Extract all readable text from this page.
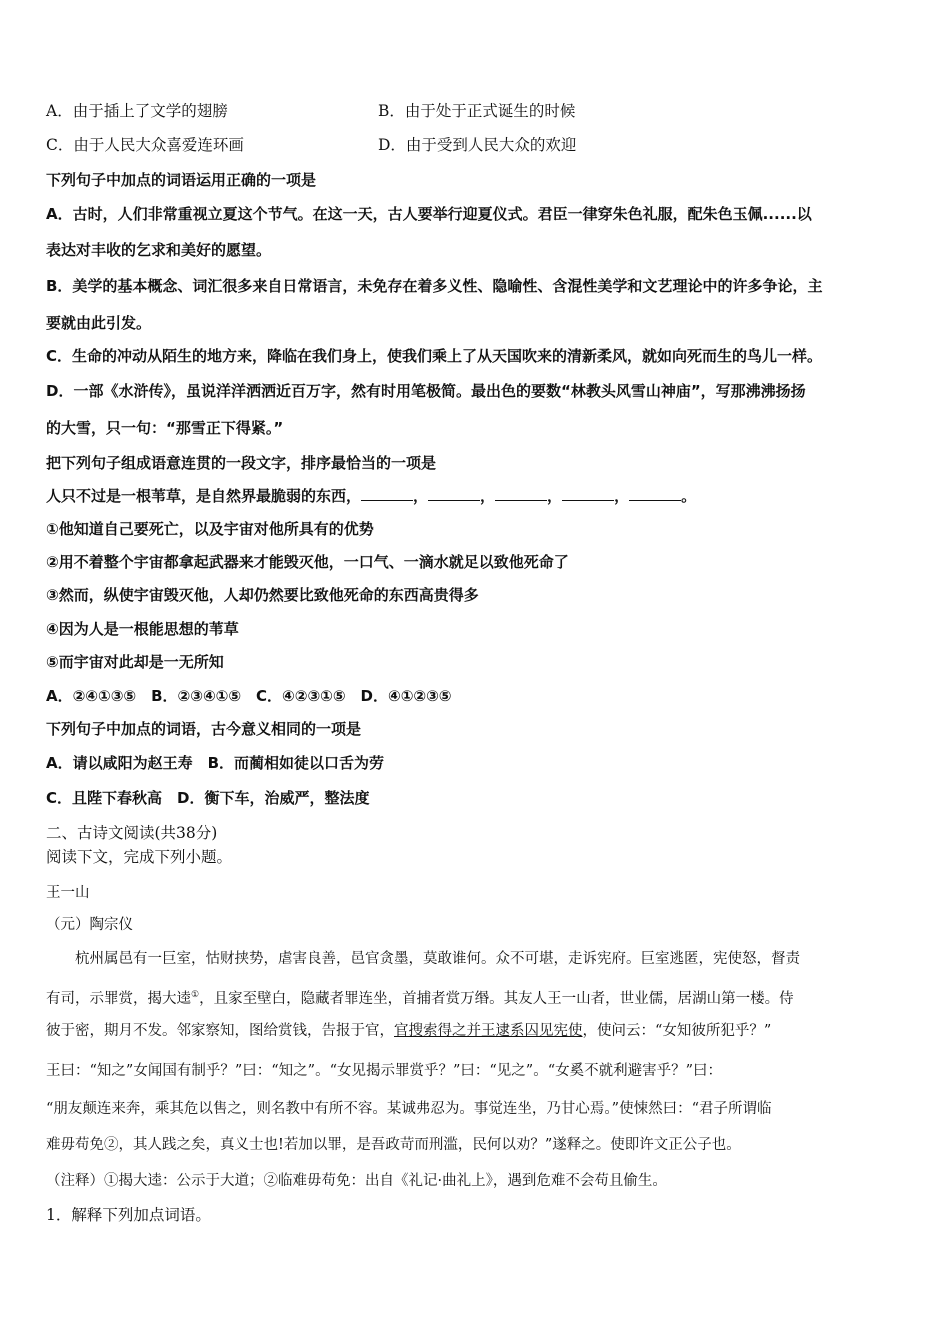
A．由于插上了文学的翅膀	B．由于处于正式诞生的时候
C．由于人民大众喜爱连环画	D．由于受到人民大众的欢迎
下列句子中加点的词语运用正确的一项是
A．古时，人们非常重视立夏这个节气。在这一天，古人要举行迎夏仪式。君臣一律穿朱色礼服，配朱色玉佩......以
表达对丰收的乞求和美好的愿望。
B．美学的基本概念、词汇很多来自日常语言，未免存在着多义性、隐喻性、含混性美学和文艺理论中的许多争论，主
要就由此引发。
C．生命的冲动从陌生的地方来，降临在我们身上，使我们乘上了从天国吹来的清新柔风，就如向死而生的鸟儿一样。
D．一部《水浒传》，虽说洋洋洒洒近百万字，然有时用笔极简。最出色的要数“林教头风雪山神庙”，写那沸沸扬扬
的大雪，只一句：“那雪正下得紧。”
把下列句子组成语意连贯的一段文字，排序最恰当的一项是
人只不过是一根苇草，是自然界最脆弱的东西，	，	，	，	，	。
①他知道自己要死亡，以及宇宙对他所具有的优势
②用不着整个宇宙都拿起武器来才能毁灭他，一口气、一滴水就足以致他死命了
③然而，纵使宇宙毁灭他，人却仍然要比致他死命的东西高贵得多
④因为人是一根能思想的苇草
⑤而宇宙对此却是一无所知
A．②④①③⑤　B．②③④①⑤　C．④②③①⑤　D．④①②③⑤
下列句子中加点的词语，古今意义相同的一项是
A．请以咸阳为赵王寿　B．而蔺相如徒以口舌为劳
C．且陛下春秋高　D．衡下车，治威严，整法度
二、古诗文阅读(共38分)
阅读下文，完成下列小题。
王一山
（元）陶宗仪
　　杭州属邑有一巨室，怙财挟势，虐害良善，邑官贪墨，莫敢谁何。众不可堪，走诉宪府。巨室逃匿，宪使怒，督责
有司，示罪赏，揭大逵①，且家至壁白，隐藏者罪连坐，首捕者赏万缗。其友人王一山者，世业儒，居湖山第一楼。侍
彼于密，期月不发。邻家察知，图给赏钱，告报于官，官搜索得之并王逮系囚见宪使，使问云：“女知彼所犯乎？”
王曰：“知之”女闻国有制乎？”曰：“知之”。“女见揭示罪赏乎？”曰：“见之”。“女奚不就利避害乎？”曰：
“朋友颠连来奔，乘其危以售之，则名教中有所不容。某诚弗忍为。事觉连坐，乃甘心焉。”使悚然曰：“君子所谓临
难毋苟免②，其人践之矣，真义士也!若加以罪，是吾政苛而刑滥，民何以劝？”遂释之。使即许文正公子也。
（注释）①揭大逵：公示于大道；②临难毋苟免：出自《礼记·曲礼上》，遇到危难不会苟且偷生。
1．解释下列加点词语。
